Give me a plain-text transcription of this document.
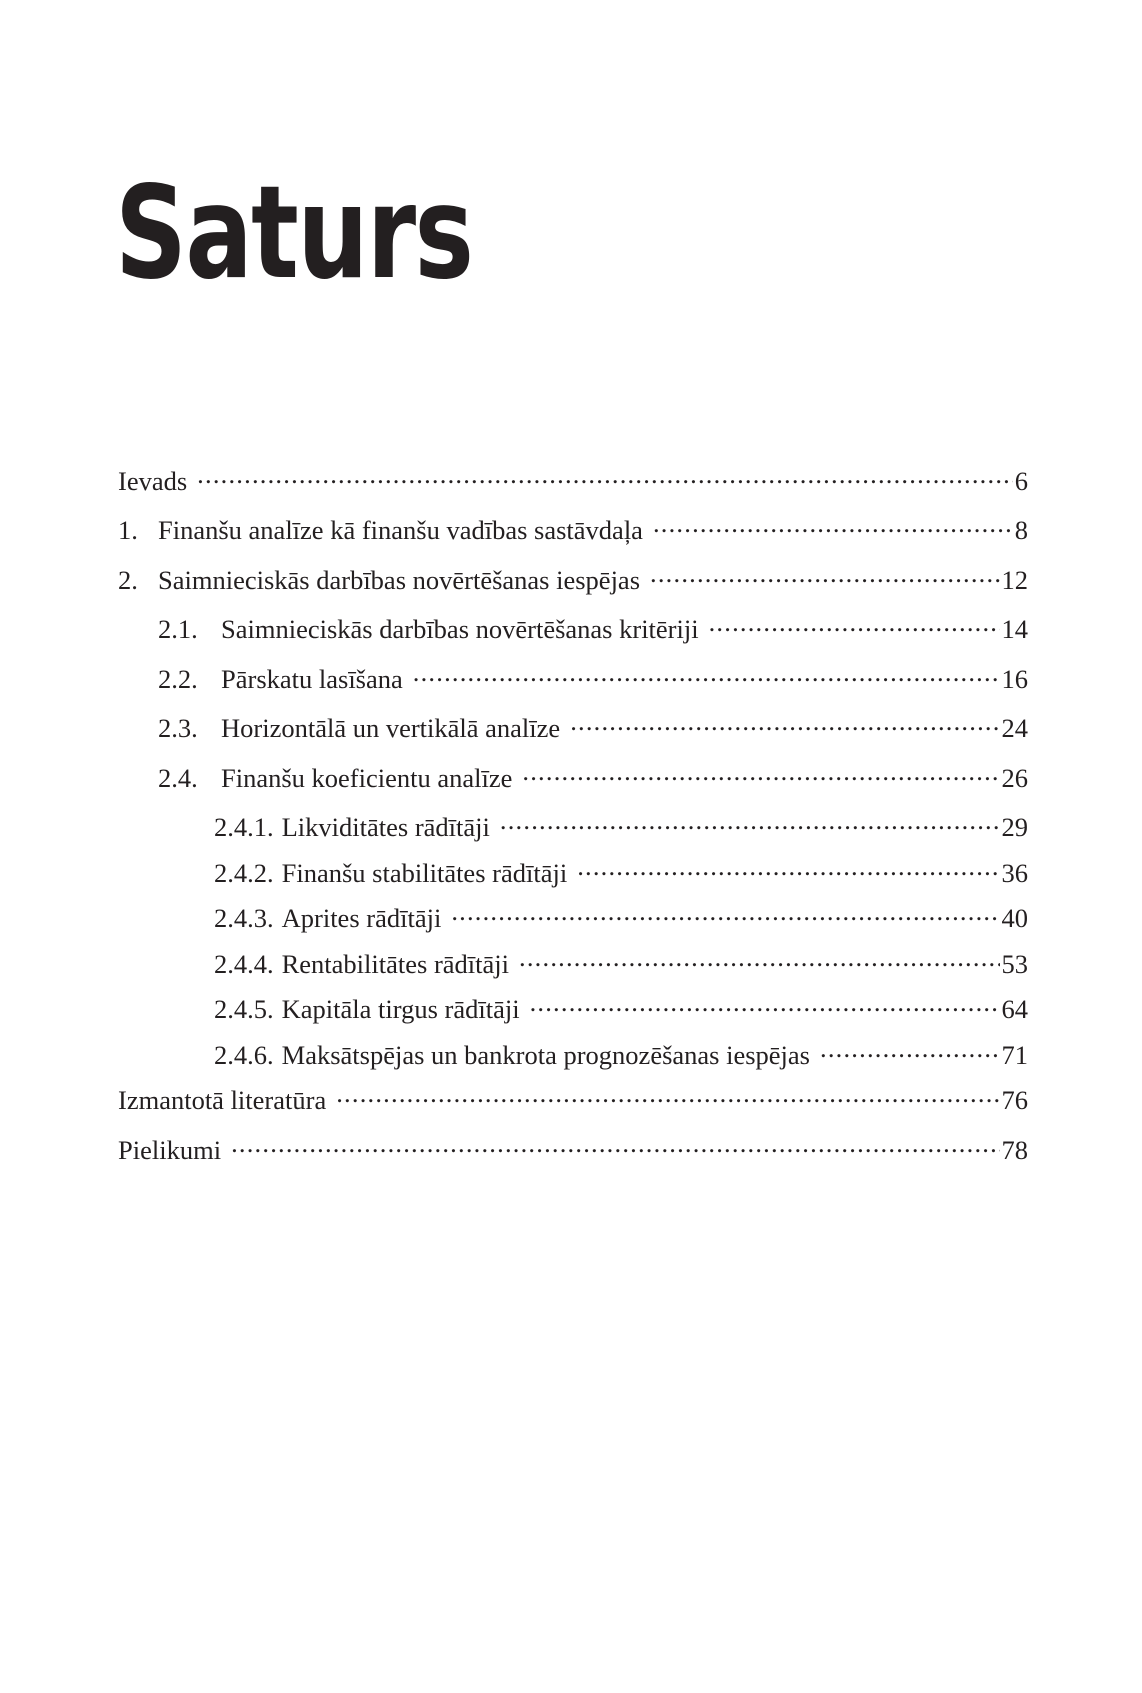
Saturs
Ievads .....	6
1. Finanšu analīze kā finanšu vadības sastāvdaļa .....	8
2. Saimnieciskās darbības novērtēšanas iespējas .....	12
2.1. Saimnieciskās darbības novērtēšanas kritēriji .....	14
2.2. Pārskatu lasīšana .....	16
2.3. Horizontālā un vertikālā analīze .....	24
2.4. Finanšu koeficientu analīze .....	26
2.4.1. Likviditātes rādītāji .....	29
2.4.2. Finanšu stabilitātes rādītāji .....	36
2.4.3. Aprites rādītāji .....	40
2.4.4. Rentabilitātes rādītāji .....	53
2.4.5. Kapitāla tirgus rādītāji .....	64
2.4.6. Maksātspējas un bankrota prognozēšanas iespējas .....	71
Izmantotā literatūra .....	76
Pielikumi .....	78
